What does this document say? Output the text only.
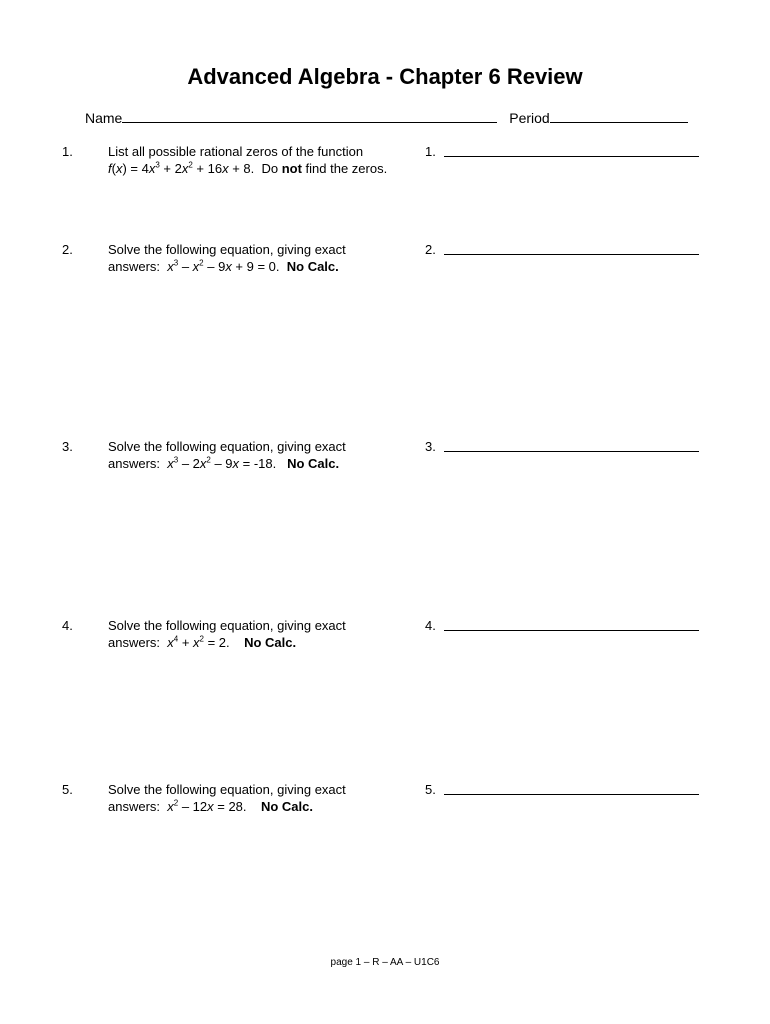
Advanced Algebra - Chapter 6 Review
Name	Period
1.	List all possible rational zeros of the function
$f(x) = 4x^3 + 2x^2 + 16x + 8$.  Do not find the zeros.
1.
2.	Solve the following equation, giving exact
answers:  $x^3 - x^2 - 9x + 9 = 0$.  No Calc.
2.
3.	Solve the following equation, giving exact
answers:  $x^3 - 2x^2 - 9x = -18$.   No Calc.
3.
4.	Solve the following equation, giving exact
answers:  $x^4 + x^2 = 2$.    No Calc.
4.
5.	Solve the following equation, giving exact
answers:  $x^2 - 12x = 28$.    No Calc.
5.
page 1 – R – AA – U1C6
